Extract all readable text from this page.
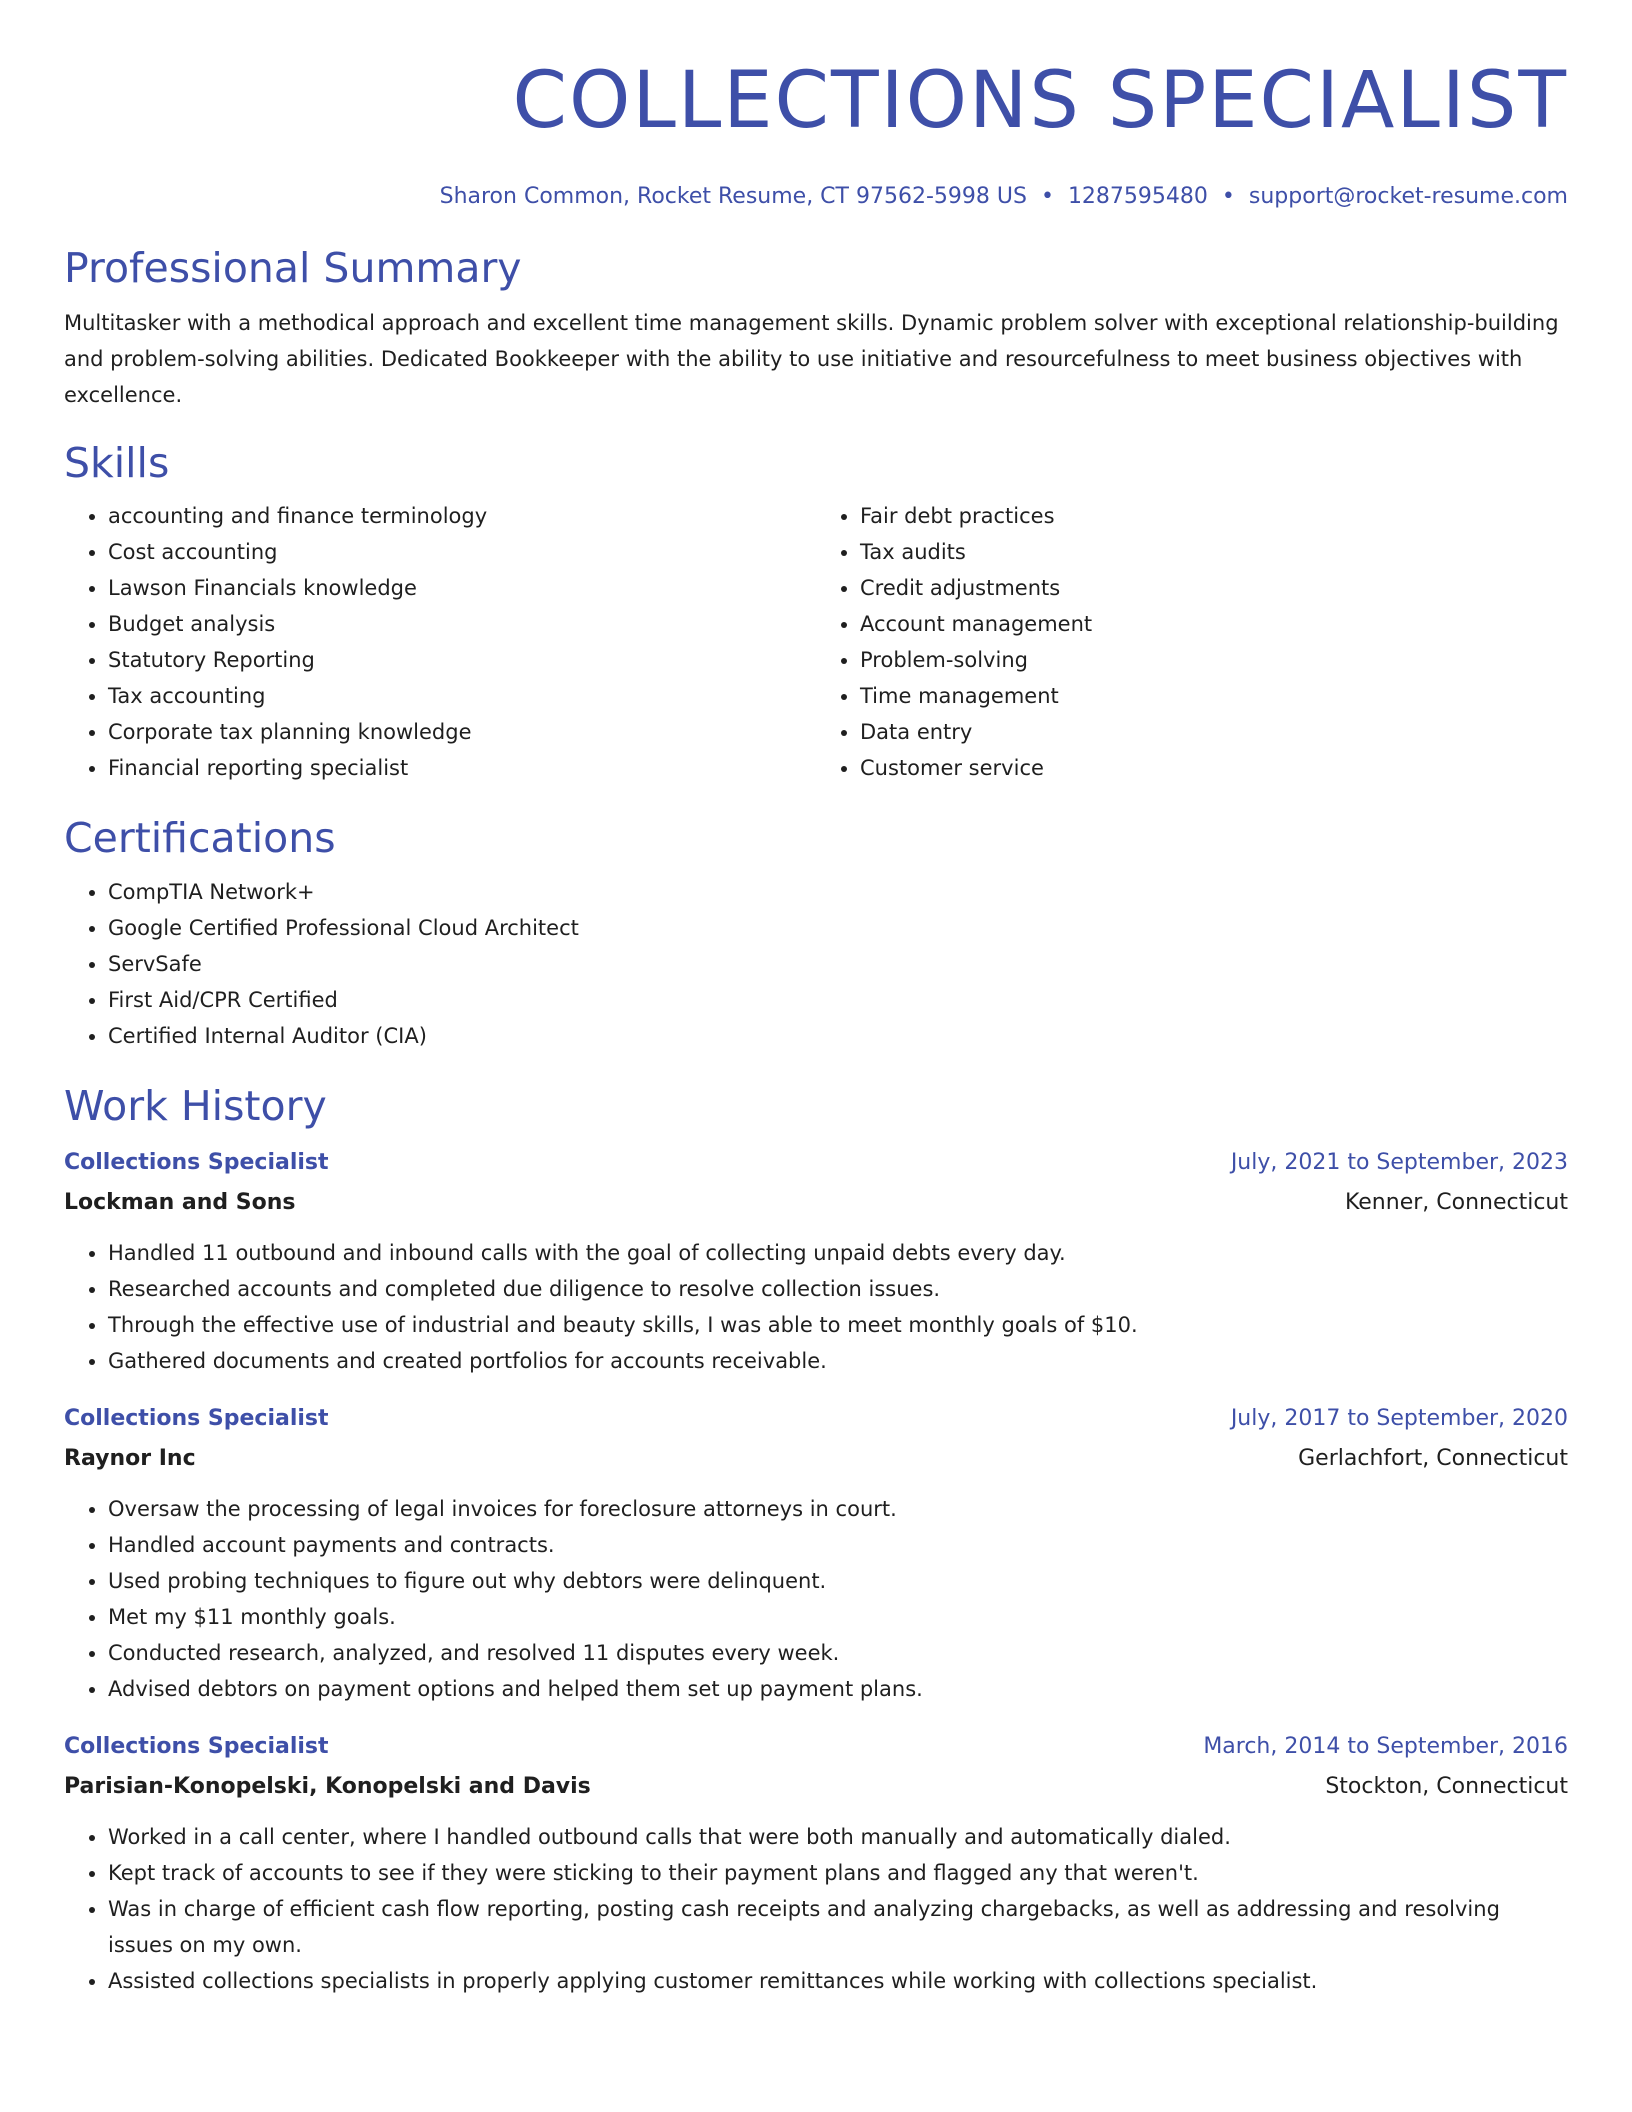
COLLECTIONS SPECIALIST
Sharon Common, Rocket Resume, CT 97562-5998 US • 1287595480 • support@rocket-resume.com
Professional Summary

Multitasker with a methodical approach and excellent time management skills. Dynamic problem solver with exceptional relationship-building and problem-solving abilities. Dedicated Bookkeeper with the ability to use initiative and resourcefulness to meet business objectives with excellence.

Skills
• accounting and finance terminology
• Cost accounting
• Lawson Financials knowledge
• Budget analysis
• Statutory Reporting
• Tax accounting
• Corporate tax planning knowledge
• Financial reporting specialist
• Fair debt practices
• Tax audits
• Credit adjustments
• Account management
• Problem-solving
• Time management
• Data entry
• Customer service
Certifications
• CompTIA Network+
• Google Certified Professional Cloud Architect
• ServSafe
• First Aid/CPR Certified
• Certified Internal Auditor (CIA)
Work History
Collections Specialist	July, 2021 to September, 2023
Lockman and Sons	Kenner, Connecticut
• Handled 11 outbound and inbound calls with the goal of collecting unpaid debts every day.
• Researched accounts and completed due diligence to resolve collection issues.
• Through the effective use of industrial and beauty skills, I was able to meet monthly goals of $10.
• Gathered documents and created portfolios for accounts receivable.
Collections Specialist	July, 2017 to September, 2020
Raynor Inc	Gerlachfort, Connecticut
• Oversaw the processing of legal invoices for foreclosure attorneys in court.
• Handled account payments and contracts.
• Used probing techniques to figure out why debtors were delinquent.
• Met my $11 monthly goals.
• Conducted research, analyzed, and resolved 11 disputes every week.
• Advised debtors on payment options and helped them set up payment plans.
Collections Specialist	March, 2014 to September, 2016
Parisian-Konopelski, Konopelski and Davis	Stockton, Connecticut
• Worked in a call center, where I handled outbound calls that were both manually and automatically dialed.
• Kept track of accounts to see if they were sticking to their payment plans and flagged any that weren't.
• Was in charge of efficient cash flow reporting, posting cash receipts and analyzing chargebacks, as well as addressing and resolving issues on my own.
• Assisted collections specialists in properly applying customer remittances while working with collections specialist.
